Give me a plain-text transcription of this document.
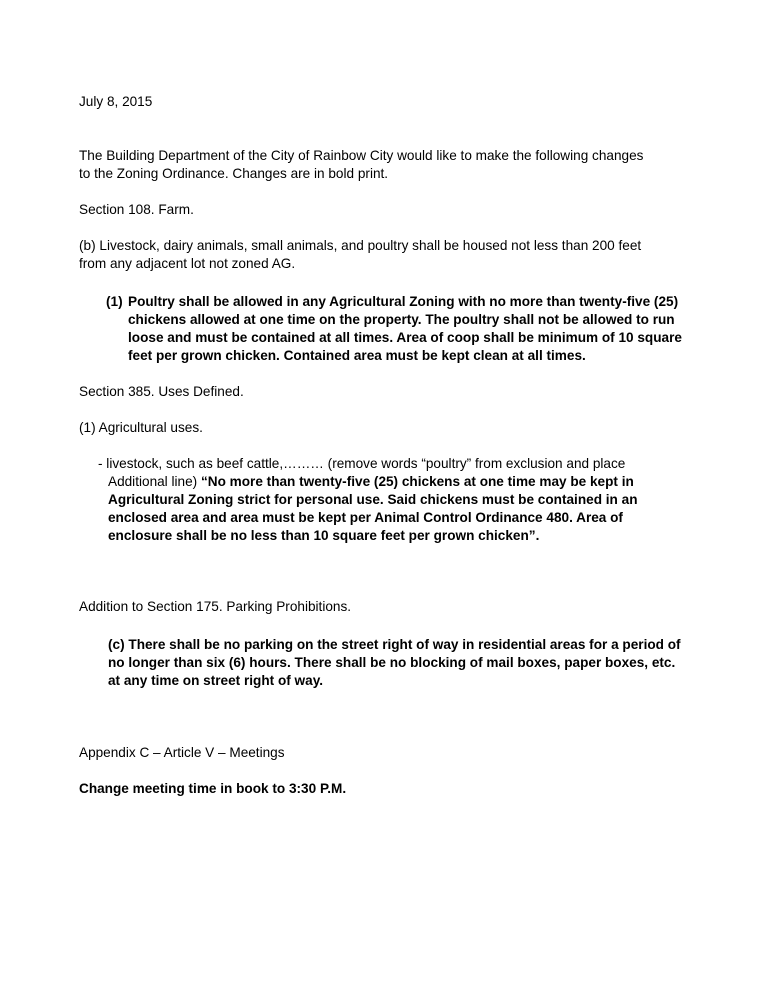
July 8, 2015
The Building Department of the City of Rainbow City would like to make the following changes
to the Zoning Ordinance. Changes are in bold print.
Section 108. Farm.
(b) Livestock, dairy animals, small animals, and poultry shall be housed not less than 200 feet
from any adjacent lot not zoned AG.
(1) Poultry shall be allowed in any Agricultural Zoning with no more than twenty-five (25)
chickens allowed at one time on the property. The poultry shall not be allowed to run
loose and must be contained at all times. Area of coop shall be minimum of 10 square
feet per grown chicken. Contained area must be kept clean at all times.
Section 385. Uses Defined.
(1) Agricultural uses.
- livestock, such as beef cattle,……… (remove words “poultry” from exclusion and place
Additional line) “No more than twenty-five (25) chickens at one time may be kept in
Agricultural Zoning strict for personal use. Said chickens must be contained in an
enclosed area and area must be kept per Animal Control Ordinance 480. Area of
enclosure shall be no less than 10 square feet per grown chicken”.
Addition to Section 175. Parking Prohibitions.
(c) There shall be no parking on the street right of way in residential areas for a period of
no longer than six (6) hours. There shall be no blocking of mail boxes, paper boxes, etc.
at any time on street right of way.
Appendix C – Article V – Meetings
Change meeting time in book to 3:30 P.M.
